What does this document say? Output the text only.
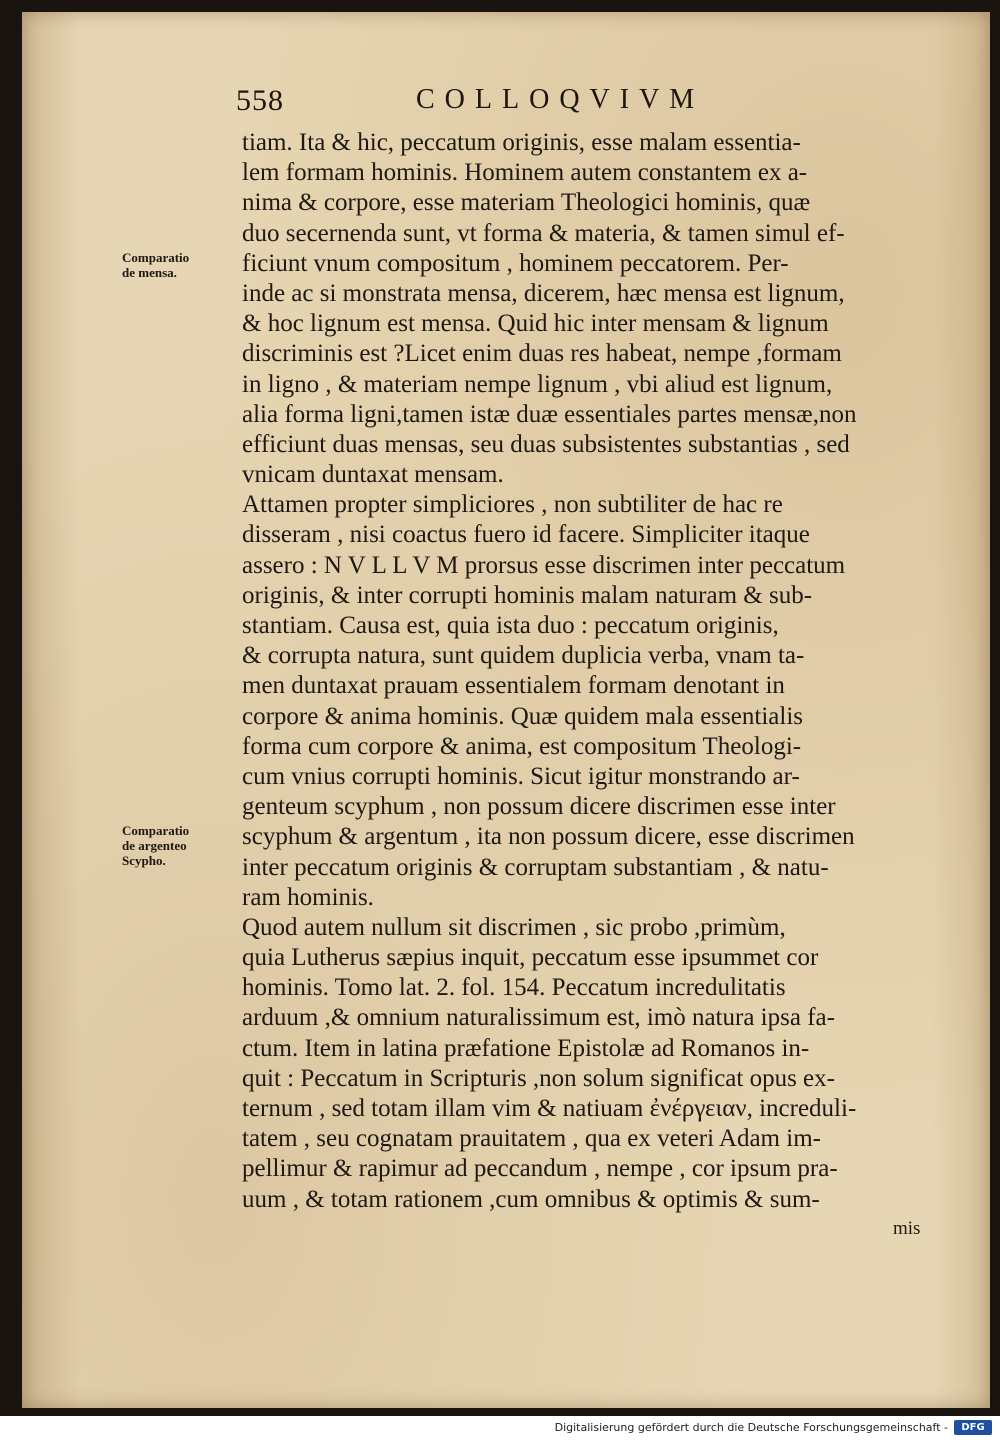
558	COLLOQVIVM
Comparatio
de mensa.
Comparatio
de argenteo
Scypho.
tiam. Ita & hic, peccatum originis, esse malam essentia-
lem formam hominis. Hominem autem constantem ex a-
nima & corpore, esse materiam Theologici hominis, quæ
duo secernenda sunt, vt forma & materia, & tamen simul ef-
ficiunt vnum compositum , hominem peccatorem. Per-
inde ac si monstrata mensa, dicerem, hæc mensa est lignum,
& hoc lignum est mensa. Quid hic inter mensam & lignum
discriminis est ?Licet enim duas res habeat, nempe ,formam
in ligno , & materiam nempe lignum , vbi aliud est lignum,
alia forma ligni,tamen istæ duæ essentiales partes mensæ,non
efficiunt duas mensas, seu duas subsistentes substantias , sed
vnicam duntaxat mensam.
Attamen propter simpliciores , non subtiliter de hac re
disseram , nisi coactus fuero id facere. Simpliciter itaque
assero : N V L L V M prorsus esse discrimen inter peccatum
originis, & inter corrupti hominis malam naturam & sub-
stantiam. Causa est, quia ista duo : peccatum originis,
& corrupta natura, sunt quidem duplicia verba, vnam ta-
men duntaxat prauam essentialem formam denotant in
corpore & anima hominis. Quæ quidem mala essentialis
forma cum corpore & anima, est compositum Theologi-
cum vnius corrupti hominis. Sicut igitur monstrando ar-
genteum scyphum , non possum dicere discrimen esse inter
scyphum & argentum , ita non possum dicere, esse discrimen
inter peccatum originis & corruptam substantiam , & natu-
ram hominis.
Quod autem nullum sit discrimen , sic probo ,primùm,
quia Lutherus sæpius inquit, peccatum esse ipsummet cor
hominis. Tomo lat. 2. fol. 154. Peccatum incredulitatis
arduum ,& omnium naturalissimum est, imò natura ipsa fa-
ctum. Item in latina præfatione Epistolæ ad Romanos in-
quit : Peccatum in Scripturis ,non solum significat opus ex-
ternum , sed totam illam vim & natiuam ἐνέργειαν, increduli-
tatem , seu cognatam prauitatem , qua ex veteri Adam im-
pellimur & rapimur ad peccandum , nempe , cor ipsum pra-
uum , & totam rationem ,cum omnibus & optimis & sum-
mis
Digitalisierung gefördert durch die Deutsche Forschungsgemeinschaft -	DFG
